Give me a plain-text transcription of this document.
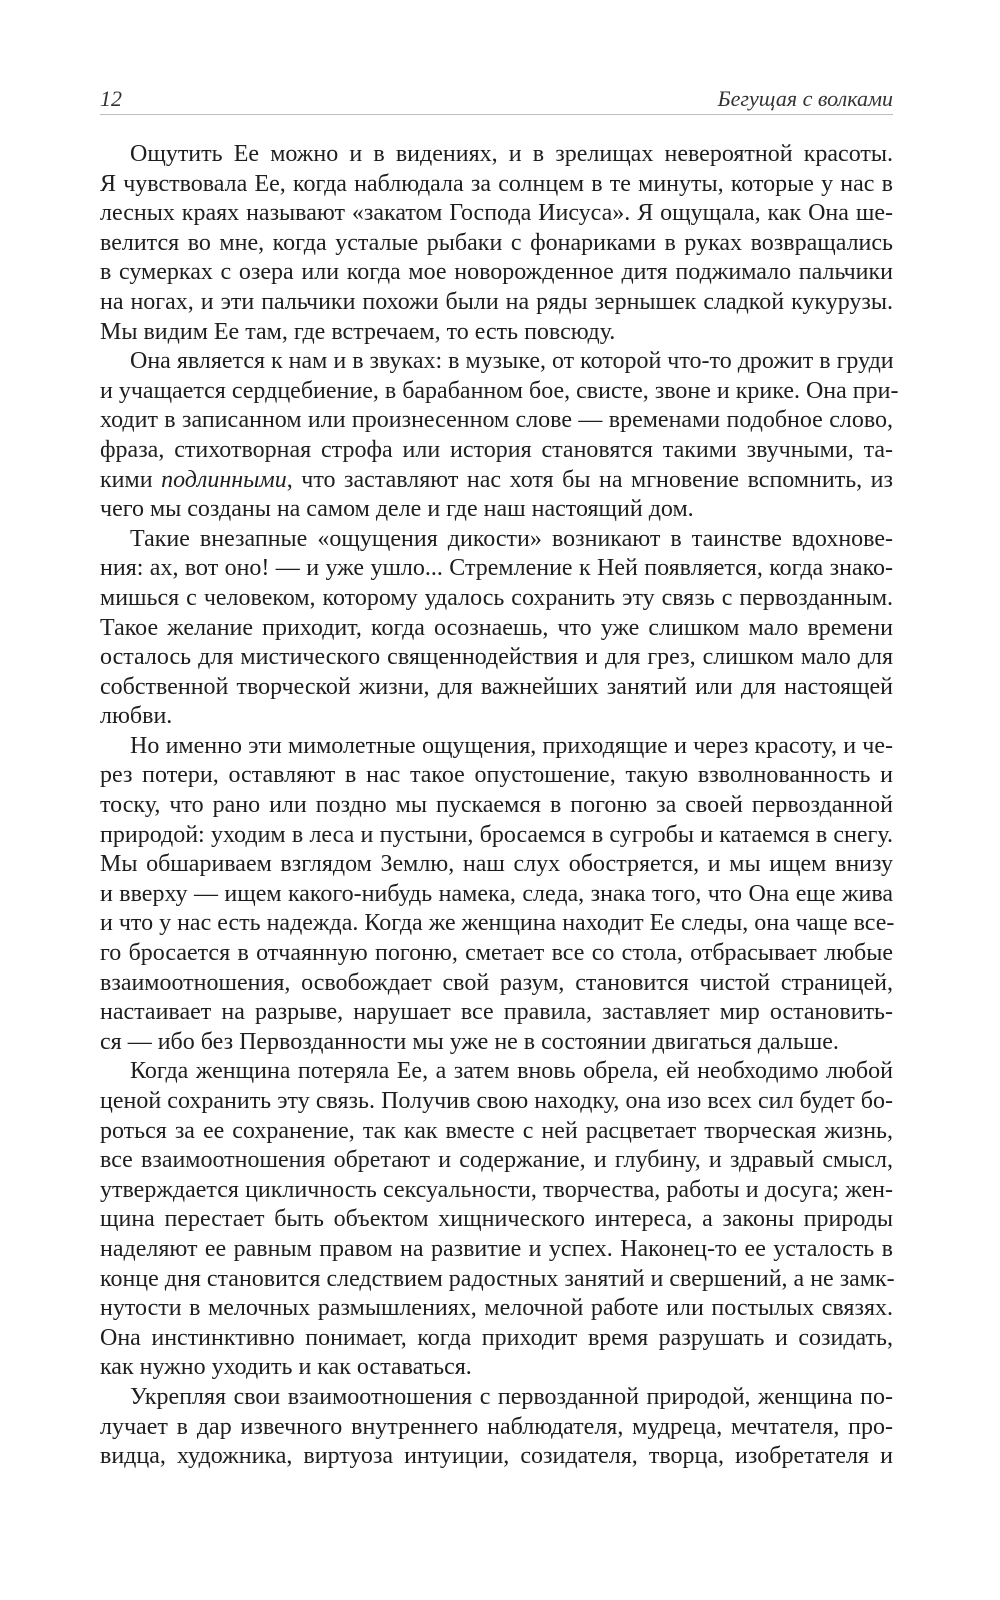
12	Бегущая с волками
Ощутить Ее можно и в видениях, и в зрелищах невероятной красоты.
Я чувствовала Ее, когда наблюдала за солнцем в те минуты, которые у нас в
лесных краях называют «закатом Господа Иисуса». Я ощущала, как Она ше-
велится во мне, когда усталые рыбаки с фонариками в руках возвращались
в сумерках с озера или когда мое новорожденное дитя поджимало пальчики
на ногах, и эти пальчики похожи были на ряды зернышек сладкой кукурузы.
Мы видим Ее там, где встречаем, то есть повсюду.
Она является к нам и в звуках: в музыке, от которой что-то дрожит в груди
и учащается сердцебиение, в барабанном бое, свисте, звоне и крике. Она при-
ходит в записанном или произнесенном слове — временами подобное слово,
фраза, стихотворная строфа или история становятся такими звучными, та-
кими подлинными, что заставляют нас хотя бы на мгновение вспомнить, из
чего мы созданы на самом деле и где наш настоящий дом.
Такие внезапные «ощущения дикости» возникают в таинстве вдохнове-
ния: ах, вот оно! — и уже ушло... Стремление к Ней появляется, когда знако-
мишься с человеком, которому удалось сохранить эту связь с первозданным.
Такое желание приходит, когда осознаешь, что уже слишком мало времени
осталось для мистического священнодействия и для грез, слишком мало для
собственной творческой жизни, для важнейших занятий или для настоящей
любви.
Но именно эти мимолетные ощущения, приходящие и через красоту, и че-
рез потери, оставляют в нас такое опустошение, такую взволнованность и
тоску, что рано или поздно мы пускаемся в погоню за своей первозданной
природой: уходим в леса и пустыни, бросаемся в сугробы и катаемся в снегу.
Мы обшариваем взглядом Землю, наш слух обостряется, и мы ищем внизу
и вверху — ищем какого-нибудь намека, следа, знака того, что Она еще жива
и что у нас есть надежда. Когда же женщина находит Ее следы, она чаще все-
го бросается в отчаянную погоню, сметает все со стола, отбрасывает любые
взаимоотношения, освобождает свой разум, становится чистой страницей,
настаивает на разрыве, нарушает все правила, заставляет мир остановить-
ся — ибо без Первозданности мы уже не в состоянии двигаться дальше.
Когда женщина потеряла Ее, а затем вновь обрела, ей необходимо любой
ценой сохранить эту связь. Получив свою находку, она изо всех сил будет бо-
роться за ее сохранение, так как вместе с ней расцветает творческая жизнь,
все взаимоотношения обретают и содержание, и глубину, и здравый смысл,
утверждается цикличность сексуальности, творчества, работы и досуга; жен-
щина перестает быть объектом хищнического интереса, а законы природы
наделяют ее равным правом на развитие и успех. Наконец-то ее усталость в
конце дня становится следствием радостных занятий и свершений, а не замк-
нутости в мелочных размышлениях, мелочной работе или постылых связях.
Она инстинктивно понимает, когда приходит время разрушать и созидать,
как нужно уходить и как оставаться.
Укрепляя свои взаимоотношения с первозданной природой, женщина по-
лучает в дар извечного внутреннего наблюдателя, мудреца, мечтателя, про-
видца, художника, виртуоза интуиции, созидателя, творца, изобретателя и
